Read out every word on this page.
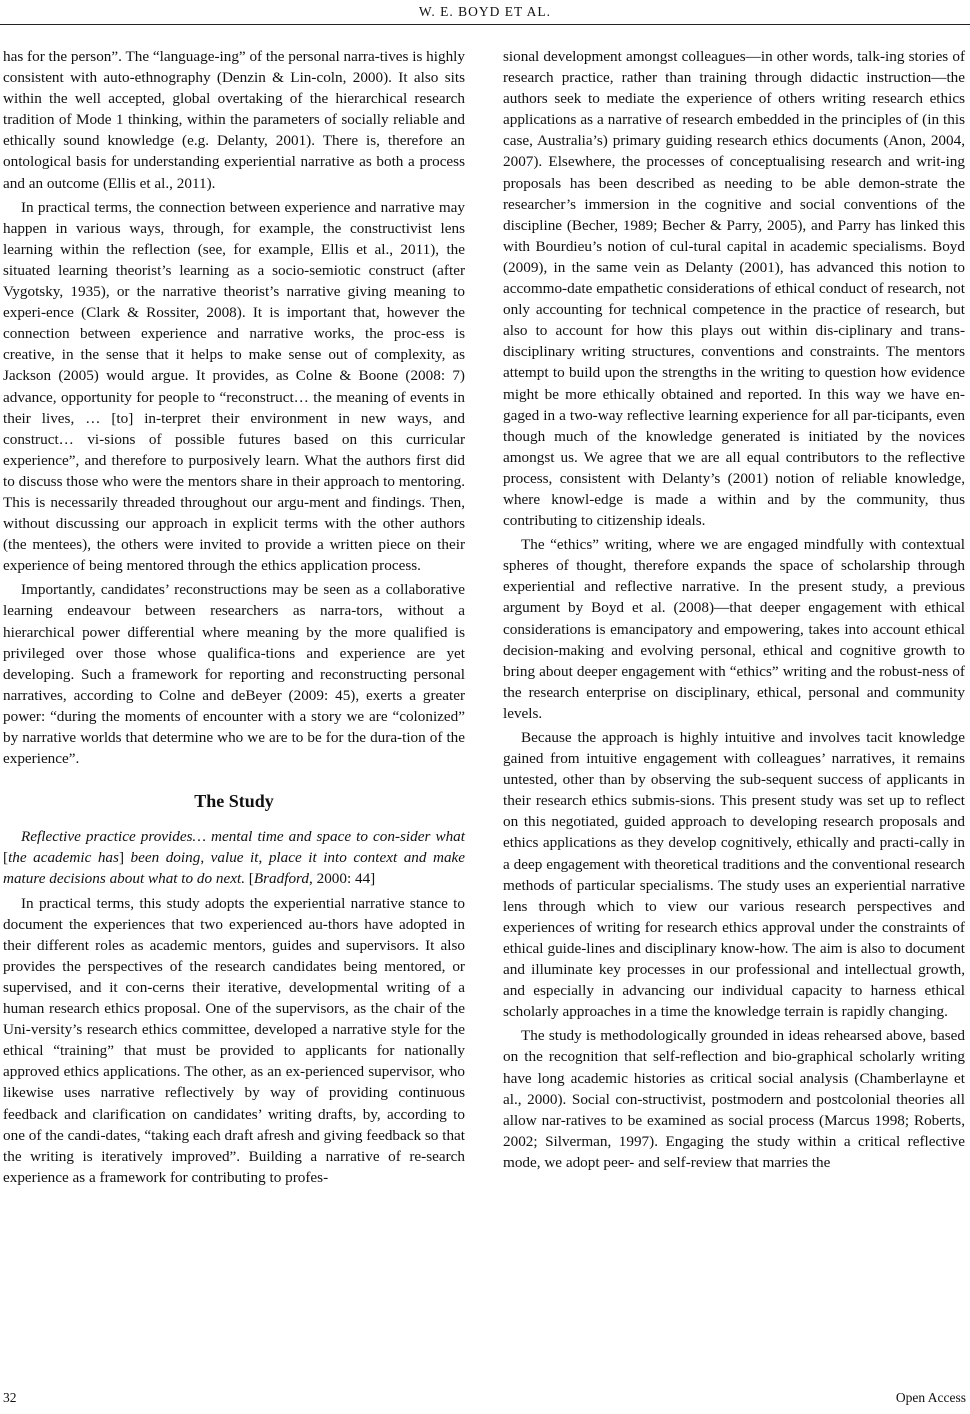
W. E. BOYD ET AL.

has for the person”. The “language-ing” of the personal narra-tives is highly consistent with auto-ethnography (Denzin & Lin-coln, 2000). It also sits within the well accepted, global overtaking of the hierarchical research tradition of Mode 1 thinking, within the parameters of socially reliable and ethically sound knowledge (e.g. Delanty, 2001). There is, therefore an ontological basis for understanding experiential narrative as both a process and an outcome (Ellis et al., 2011).

In practical terms, the connection between experience and narrative may happen in various ways, through, for example, the constructivist lens learning within the reflection (see, for example, Ellis et al., 2011), the situated learning theorist’s learning as a socio-semiotic construct (after Vygotsky, 1935), or the narrative theorist’s narrative giving meaning to experi-ence (Clark & Rossiter, 2008). It is important that, however the connection between experience and narrative works, the proc-ess is creative, in the sense that it helps to make sense out of complexity, as Jackson (2005) would argue. It provides, as Colne & Boone (2008: 7) advance, opportunity for people to “reconstruct… the meaning of events in their lives, … [to] in-terpret their environment in new ways, and construct… vi-sions of possible futures based on this curricular experience”, and therefore to purposively learn. What the authors first did to discuss those who were the mentors share in their approach to mentoring. This is necessarily threaded throughout our argu-ment and findings. Then, without discussing our approach in explicit terms with the other authors (the mentees), the others were invited to provide a written piece on their experience of being mentored through the ethics application process.

Importantly, candidates’ reconstructions may be seen as a collaborative learning endeavour between researchers as narra-tors, without a hierarchical power differential where meaning by the more qualified is privileged over those whose qualifica-tions and experience are yet developing. Such a framework for reporting and reconstructing personal narratives, according to Colne and deBeyer (2009: 45), exerts a greater power: “during the moments of encounter with a story we are “colonized” by narrative worlds that determine who we are to be for the dura-tion of the experience”.

The Study

Reflective practice provides… mental time and space to con-sider what [the academic has] been doing, value it, place it into context and make mature decisions about what to do next. [Bradford, 2000: 44]

In practical terms, this study adopts the experiential narrative stance to document the experiences that two experienced au-thors have adopted in their different roles as academic mentors, guides and supervisors. It also provides the perspectives of the research candidates being mentored, or supervised, and it con-cerns their iterative, developmental writing of a human research ethics proposal. One of the supervisors, as the chair of the Uni-versity’s research ethics committee, developed a narrative style for the ethical “training” that must be provided to applicants for nationally approved ethics applications. The other, as an ex-perienced supervisor, who likewise uses narrative reflectively by way of providing continuous feedback and clarification on candidates’ writing drafts, by, according to one of the candi-dates, “taking each draft afresh and giving feedback so that the writing is iteratively improved”. Building a narrative of re-search experience as a framework for contributing to profes-

sional development amongst colleagues—in other words, talk-ing stories of research practice, rather than training through didactic instruction—the authors seek to mediate the experience of others writing research ethics applications as a narrative of research embedded in the principles of (in this case, Australia’s) primary guiding research ethics documents (Anon, 2004, 2007). Elsewhere, the processes of conceptualising research and writ-ing proposals has been described as needing to be able demon-strate the researcher’s immersion in the cognitive and social conventions of the discipline (Becher, 1989; Becher & Parry, 2005), and Parry has linked this with Bourdieu’s notion of cul-tural capital in academic specialisms. Boyd (2009), in the same vein as Delanty (2001), has advanced this notion to accommo-date empathetic considerations of ethical conduct of research, not only accounting for technical competence in the practice of research, but also to account for how this plays out within dis-ciplinary and trans-disciplinary writing structures, conventions and constraints. The mentors attempt to build upon the strengths in the writing to question how evidence might be more ethically obtained and reported. In this way we have en-gaged in a two-way reflective learning experience for all par-ticipants, even though much of the knowledge generated is initiated by the novices amongst us. We agree that we are all equal contributors to the reflective process, consistent with Delanty’s (2001) notion of reliable knowledge, where knowl-edge is made a within and by the community, thus contributing to citizenship ideals.

The “ethics” writing, where we are engaged mindfully with contextual spheres of thought, therefore expands the space of scholarship through experiential and reflective narrative. In the present study, a previous argument by Boyd et al. (2008)—that deeper engagement with ethical considerations is emancipatory and empowering, takes into account ethical decision-making and evolving personal, ethical and cognitive growth to bring about deeper engagement with “ethics” writing and the robust-ness of the research enterprise on disciplinary, ethical, personal and community levels.

Because the approach is highly intuitive and involves tacit knowledge gained from intuitive engagement with colleagues’ narratives, it remains untested, other than by observing the sub-sequent success of applicants in their research ethics submis-sions. This present study was set up to reflect on this negotiated, guided approach to developing research proposals and ethics applications as they develop cognitively, ethically and practi-cally in a deep engagement with theoretical traditions and the conventional research methods of particular specialisms. The study uses an experiential narrative lens through which to view our various research perspectives and experiences of writing for research ethics approval under the constraints of ethical guide-lines and disciplinary know-how. The aim is also to document and illuminate key processes in our professional and intellectual growth, and especially in advancing our individual capacity to harness ethical scholarly approaches in a time the knowledge terrain is rapidly changing.

The study is methodologically grounded in ideas rehearsed above, based on the recognition that self-reflection and bio-graphical scholarly writing have long academic histories as critical social analysis (Chamberlayne et al., 2000). Social con-structivist, postmodern and postcolonial theories all allow nar-ratives to be examined as social process (Marcus 1998; Roberts, 2002; Silverman, 1997). Engaging the study within a critical reflective mode, we adopt peer- and self-review that marries the

32	Open Access
